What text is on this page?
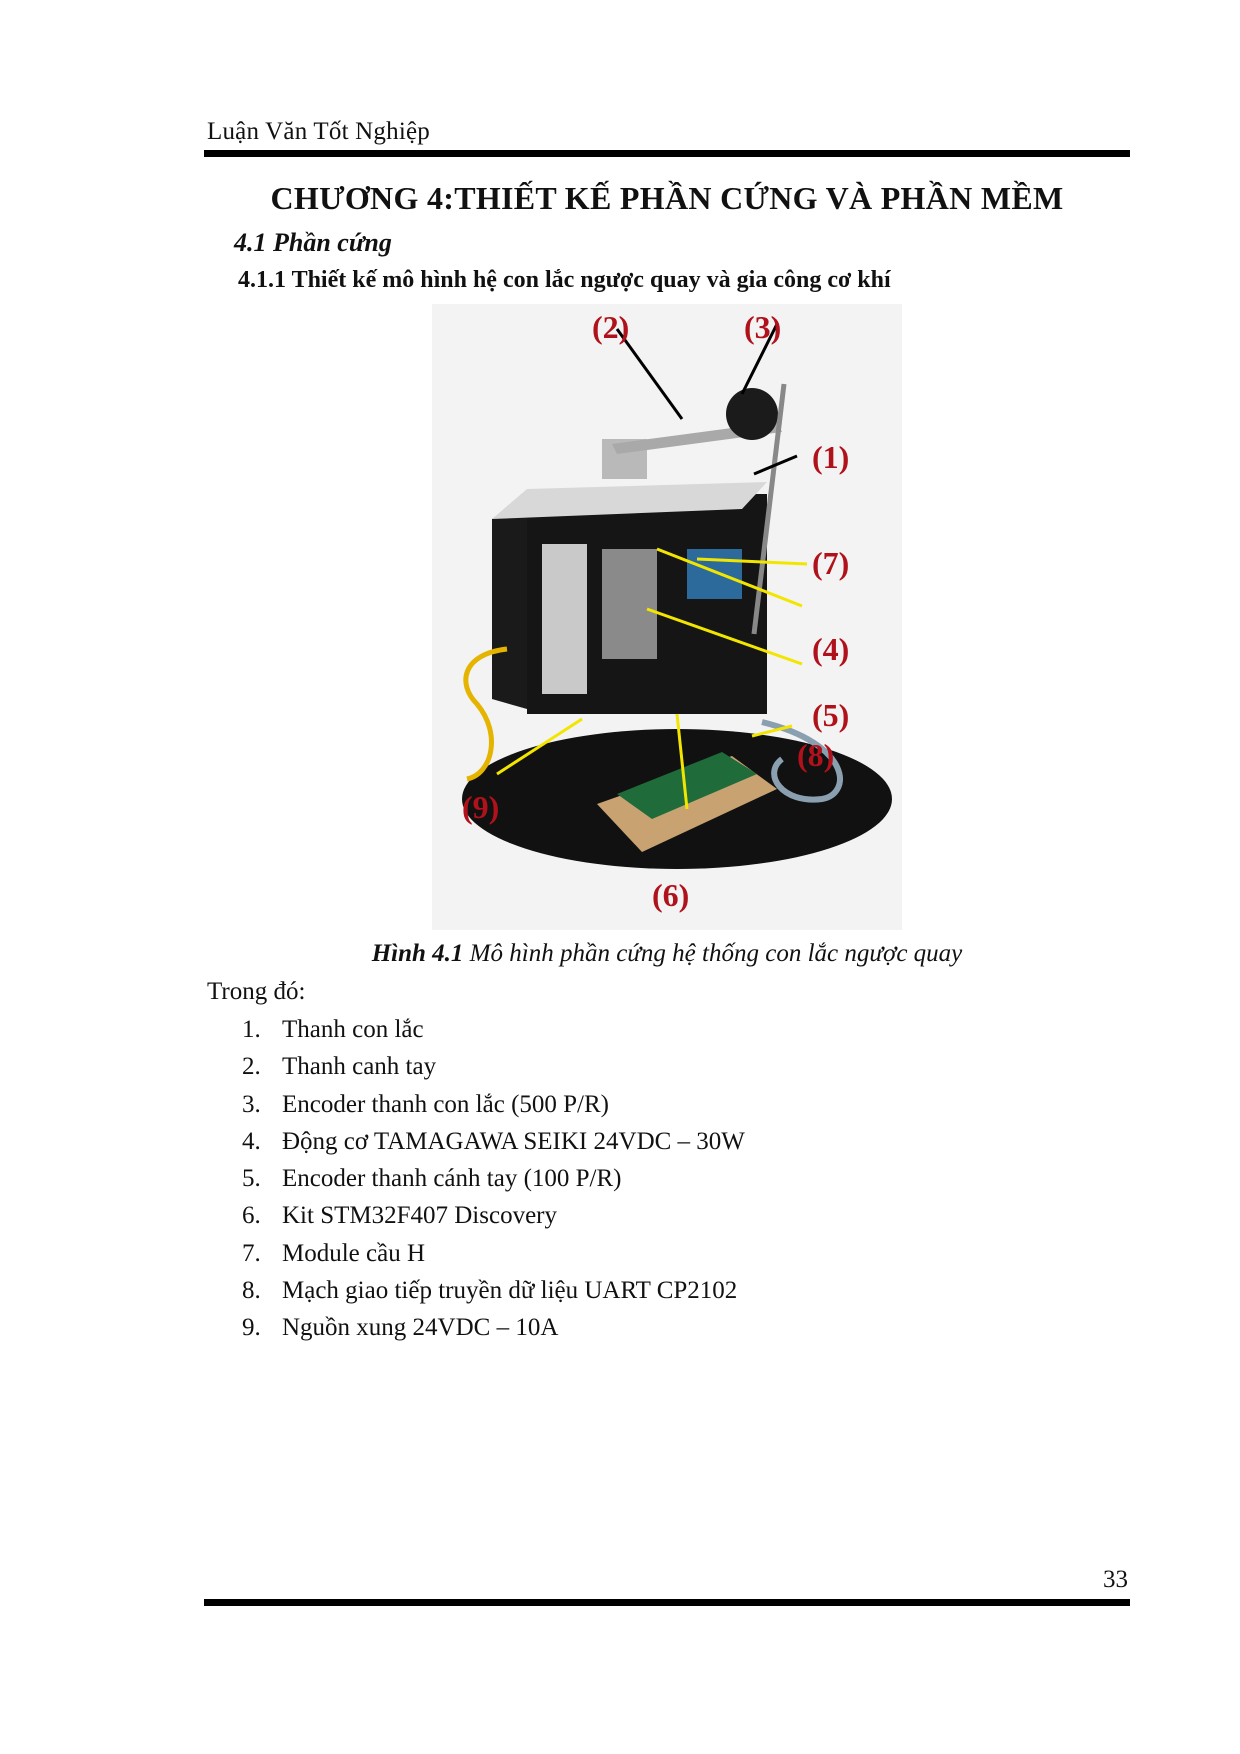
Luận Văn Tốt Nghiệp
CHƯƠNG 4:THIẾT KẾ PHẦN CỨNG VÀ PHẦN MỀM
4.1 Phần cứng
4.1.1 Thiết kế mô hình hệ con lắc ngược quay và gia công cơ khí
(1)
(2)	(3)
(4)
(5)
(6)
(7)
(8)
(9)
Hình 4.1 Mô hình phần cứng hệ thống con lắc ngược quay
Trong đó:
1. Thanh con lắc
2. Thanh canh tay
3. Encoder thanh con lắc (500 P/R)
4. Động cơ TAMAGAWA SEIKI 24VDC – 30W
5. Encoder thanh cánh tay (100 P/R)
6. Kit STM32F407 Discovery
7. Module cầu H
8. Mạch giao tiếp truyền dữ liệu UART CP2102
9. Nguồn xung 24VDC – 10A
33
